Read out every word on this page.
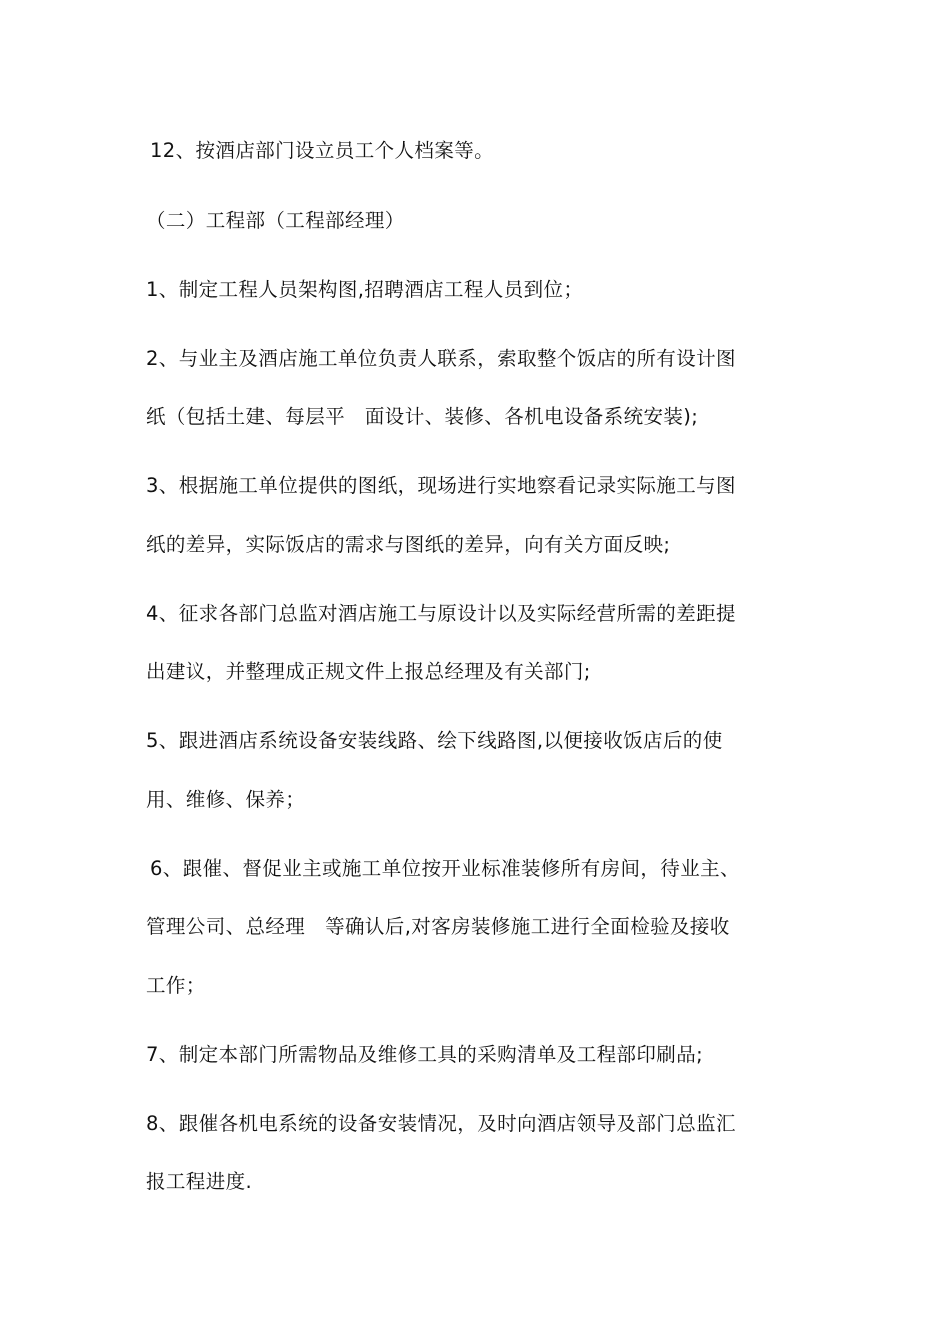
12、按酒店部门设立员工个人档案等。
（二）工程部（工程部经理）
1、制定工程人员架构图,招聘酒店工程人员到位；
2、与业主及酒店施工单位负责人联系，索取整个饭店的所有设计图
纸（包括土建、每层平　面设计、装修、各机电设备系统安装);
3、根据施工单位提供的图纸，现场进行实地察看记录实际施工与图
纸的差异，实际饭店的需求与图纸的差异，向有关方面反映;
4、征求各部门总监对酒店施工与原设计以及实际经营所需的差距提
出建议，并整理成正规文件上报总经理及有关部门;
5、跟进酒店系统设备安装线路、绘下线路图,以便接收饭店后的使
用、维修、保养；
6、跟催、督促业主或施工单位按开业标准装修所有房间，待业主、
管理公司、总经理　等确认后,对客房装修施工进行全面检验及接收
工作；
7、制定本部门所需物品及维修工具的采购清单及工程部印刷品;
8、跟催各机电系统的设备安装情况，及时向酒店领导及部门总监汇
报工程进度.
